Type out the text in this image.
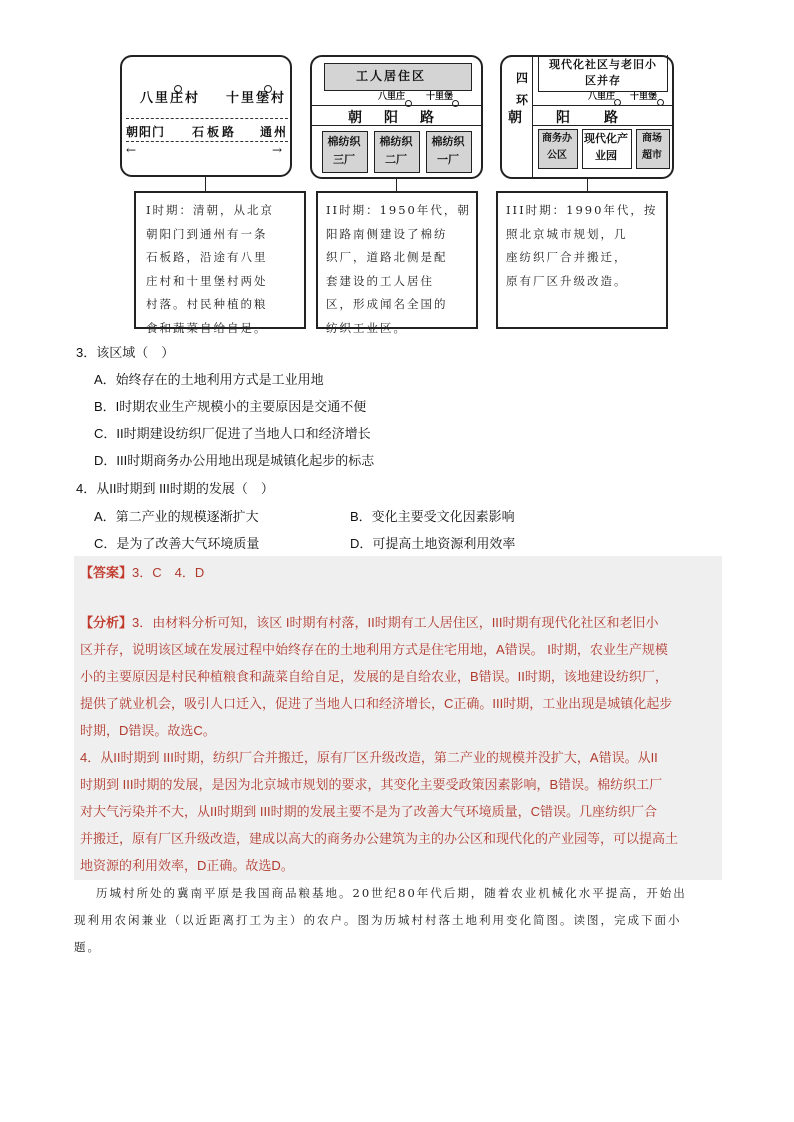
八里庄村 十里堡村
朝阳门 石板路 通州
←	→
工人居住区
八里庄 十里堡
朝阳路
棉纺织三厂
棉纺织二厂
棉纺织一厂
现代化社区与老旧小区并存
八里庄 十里堡
四环
朝阳路
商务办公区
现代化产业园
商场超市
I时期：清朝，从北京
朝阳门到通州有一条
石板路，沿途有八里
庄村和十里堡村两处
村落。村民种植的粮
食和蔬菜自给自足。
II时期：1950年代，朝
阳路南侧建设了棉纺
织厂，道路北侧是配
套建设的工人居住
区，形成闻名全国的
纺织工业区。
III时期：1990年代，按
照北京城市规划，几
座纺织厂合并搬迁，
原有厂区升级改造。
3．该区域（　）
A．始终存在的土地利用方式是工业用地
B．I时期农业生产规模小的主要原因是交通不便
C．II时期建设纺织厂促进了当地人口和经济增长
D．III时期商务办公用地出现是城镇化起步的标志
4．从II时期到 III时期的发展（　）
A．第二产业的规模逐渐扩大	B．变化主要受文化因素影响
C．是为了改善大气环境质量	D．可提高土地资源利用效率
【答案】3．C　4．D
【分析】3．由材料分析可知，该区 I时期有村落，II时期有工人居住区，III时期有现代化社区和老旧小
区并存，说明该区域在发展过程中始终存在的土地利用方式是住宅用地，A错误。 I时期，农业生产规模
小的主要原因是村民种植粮食和蔬菜自给自足，发展的是自给农业，B错误。II时期，该地建设纺织厂，
提供了就业机会，吸引人口迁入，促进了当地人口和经济增长，C正确。III时期，工业出现是城镇化起步
时期，D错误。故选C。
4．从II时期到 III时期，纺织厂合并搬迁，原有厂区升级改造，第二产业的规模并没扩大，A错误。从II
时期到 III时期的发展，是因为北京城市规划的要求，其变化主要受政策因素影响，B错误。棉纺织工厂
对大气污染并不大，从II时期到 III时期的发展主要不是为了改善大气环境质量，C错误。几座纺织厂合
并搬迁，原有厂区升级改造，建成以高大的商务办公建筑为主的办公区和现代化的产业园等，可以提高土
地资源的利用效率，D正确。故选D。
历城村所处的冀南平原是我国商品粮基地。20世纪80年代后期，随着农业机械化水平提高，开始出
现利用农闲兼业（以近距离打工为主）的农户。图为历城村村落土地利用变化简图。读图，完成下面小
题。
